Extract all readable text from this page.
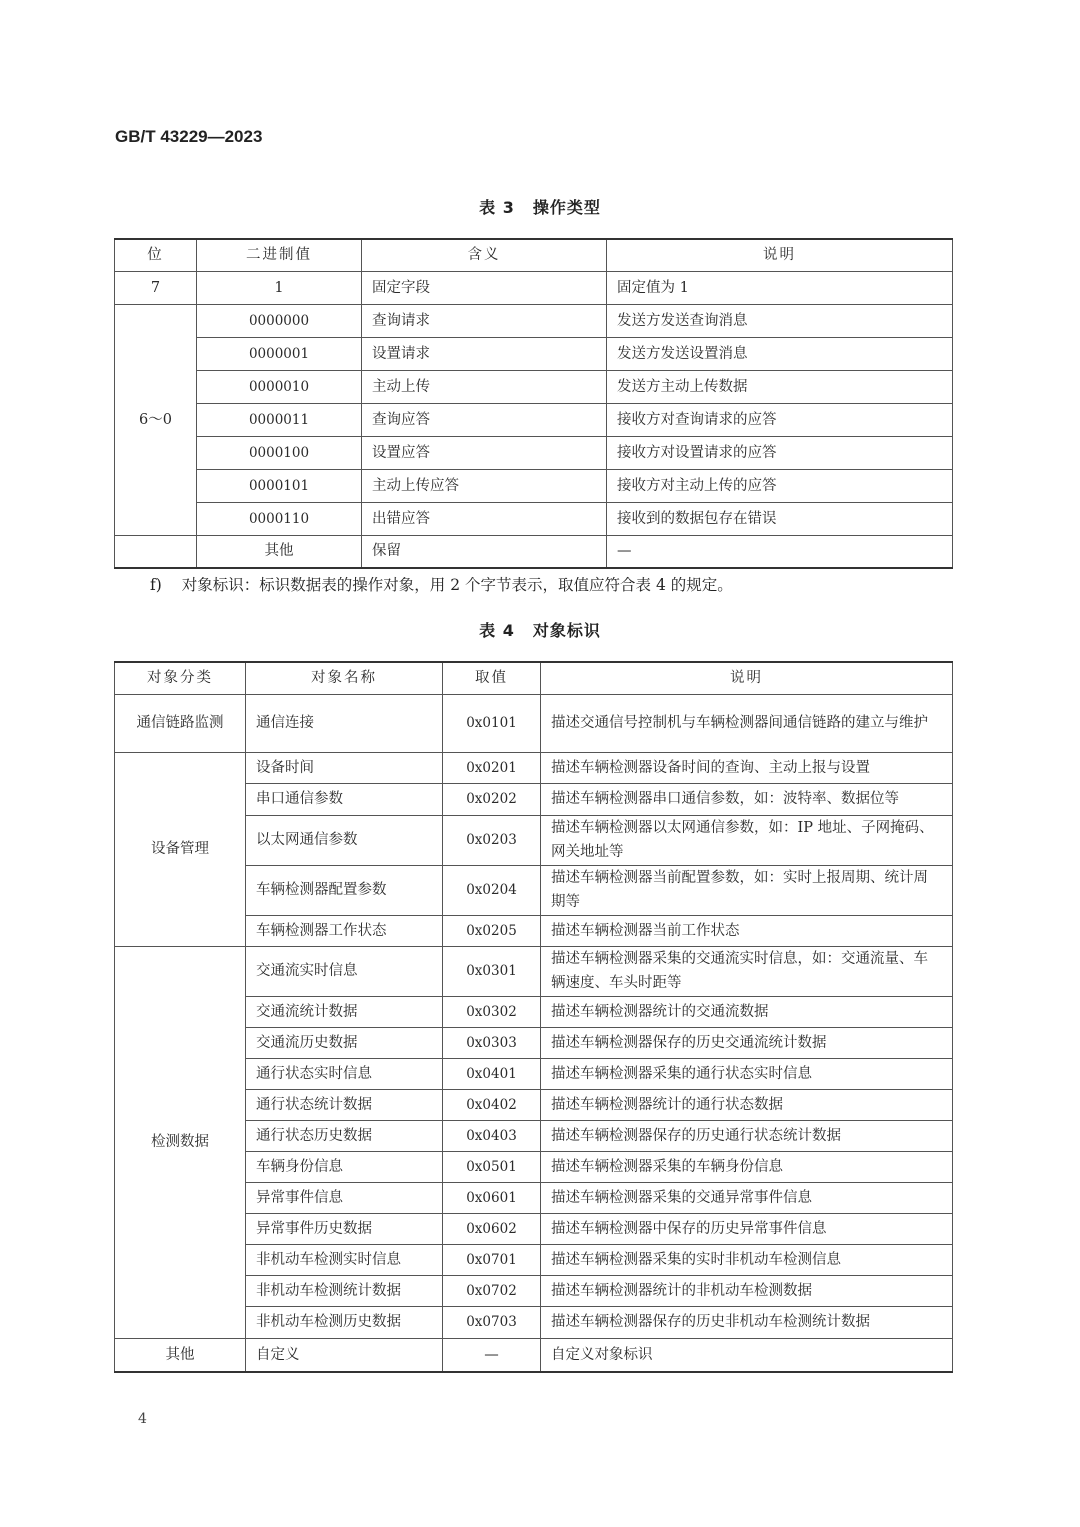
GB/T 43229—2023
表 3 操作类型
位	二进制值	含义	说明
7	1	固定字段	固定值为 1
6～0	0000000	查询请求	发送方发送查询消息
	0000001	设置请求	发送方发送设置消息
	0000010	主动上传	发送方主动上传数据
	0000011	查询应答	接收方对查询请求的应答
	0000100	设置应答	接收方对设置请求的应答
	0000101	主动上传应答	接收方对主动上传的应答
	0000110	出错应答	接收到的数据包存在错误
	其他	保留	—
f) 对象标识：标识数据表的操作对象，用 2 个字节表示，取值应符合表 4 的规定。
表 4 对象标识
对象分类	对象名称	取值	说明
通信链路监测	通信连接	0x0101	描述交通信号控制机与车辆检测器间通信链路的建立与维护
设备管理	设备时间	0x0201	描述车辆检测器设备时间的查询、主动上报与设置
	串口通信参数	0x0202	描述车辆检测器串口通信参数，如：波特率、数据位等
	以太网通信参数	0x0203	描述车辆检测器以太网通信参数，如：IP 地址、子网掩码、网关地址等
	车辆检测器配置参数	0x0204	描述车辆检测器当前配置参数，如：实时上报周期、统计周期等
	车辆检测器工作状态	0x0205	描述车辆检测器当前工作状态
检测数据	交通流实时信息	0x0301	描述车辆检测器采集的交通流实时信息，如：交通流量、车辆速度、车头时距等
	交通流统计数据	0x0302	描述车辆检测器统计的交通流数据
	交通流历史数据	0x0303	描述车辆检测器保存的历史交通流统计数据
	通行状态实时信息	0x0401	描述车辆检测器采集的通行状态实时信息
	通行状态统计数据	0x0402	描述车辆检测器统计的通行状态数据
	通行状态历史数据	0x0403	描述车辆检测器保存的历史通行状态统计数据
	车辆身份信息	0x0501	描述车辆检测器采集的车辆身份信息
	异常事件信息	0x0601	描述车辆检测器采集的交通异常事件信息
	异常事件历史数据	0x0602	描述车辆检测器中保存的历史异常事件信息
	非机动车检测实时信息	0x0701	描述车辆检测器采集的实时非机动车检测信息
	非机动车检测统计数据	0x0702	描述车辆检测器统计的非机动车检测数据
	非机动车检测历史数据	0x0703	描述车辆检测器保存的历史非机动车检测统计数据
其他	自定义	—	自定义对象标识
4
